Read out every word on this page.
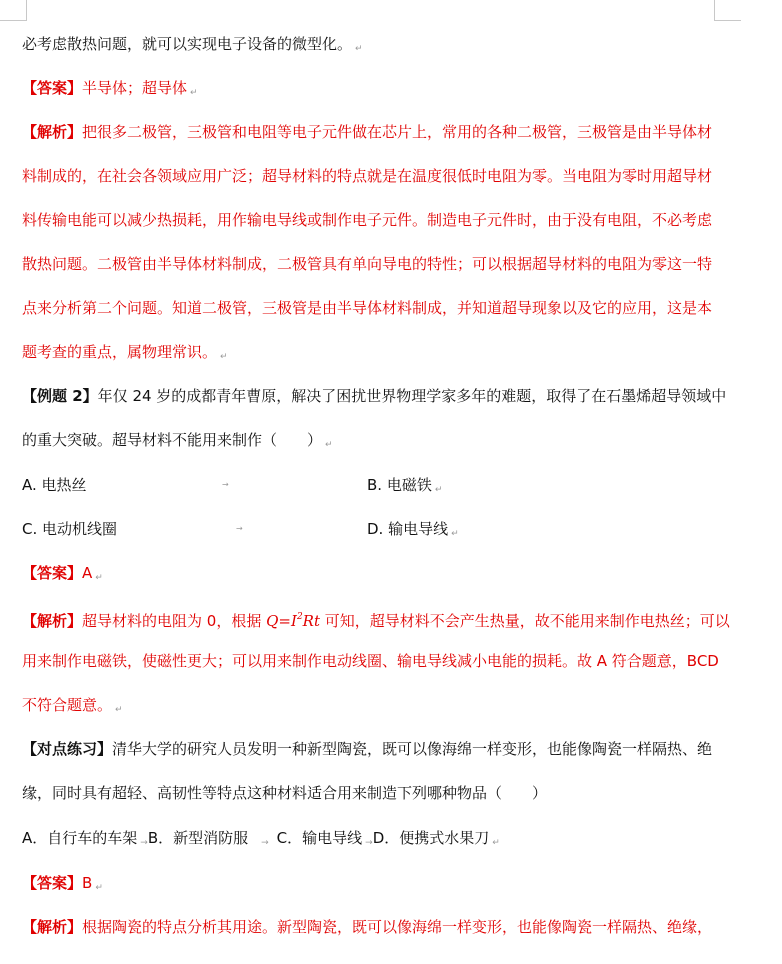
必考虑散热问题，就可以实现电子设备的微型化。 ↵
【答案】半导体；超导体 ↵
【解析】把很多二极管，三极管和电阻等电子元件做在芯片上，常用的各种二极管，三极管是由半导体材
料制成的，在社会各领域应用广泛；超导材料的特点就是在温度很低时电阻为零。当电阻为零时用超导材
料传输电能可以减少热损耗，用作输电导线或制作电子元件。制造电子元件时，由于没有电阻，不必考虑
散热问题。二极管由半导体材料制成，二极管具有单向导电的特性；可以根据超导材料的电阻为零这一特
点来分析第二个问题。知道二极管，三极管是由半导体材料制成，并知道超导现象以及它的应用，这是本
题考查的重点，属物理常识。 ↵
【例题 2】年仅 24 岁的成都青年曹原，解决了困扰世界物理学家多年的难题，取得了在石墨烯超导领域中
的重大突破。超导材料不能用来制作（　　） ↵
A. 电热丝	→	B. 电磁铁 ↵
C. 电动机线圈	→	D. 输电导线 ↵
【答案】A ↵
【解析】超导材料的电阻为 0，根据 $Q=I^2Rt$ 可知，超导材料不会产生热量，故不能用来制作电热丝；可以
用来制作电磁铁，使磁性更大；可以用来制作电动线圈、输电导线减小电能的损耗。故 A 符合题意，BCD
不符合题意。 ↵
【对点练习】清华大学的研究人员发明一种新型陶瓷，既可以像海绵一样变形，也能像陶瓷一样隔热、绝
缘，同时具有超轻、高韧性等特点这种材料适合用来制造下列哪种物品（　　）
A．自行车的车架 →B．新型消防服 → C．输电导线 →D．便携式水果刀 ↵
【答案】B ↵
【解析】根据陶瓷的特点分析其用途。新型陶瓷，既可以像海绵一样变形，也能像陶瓷一样隔热、绝缘，
